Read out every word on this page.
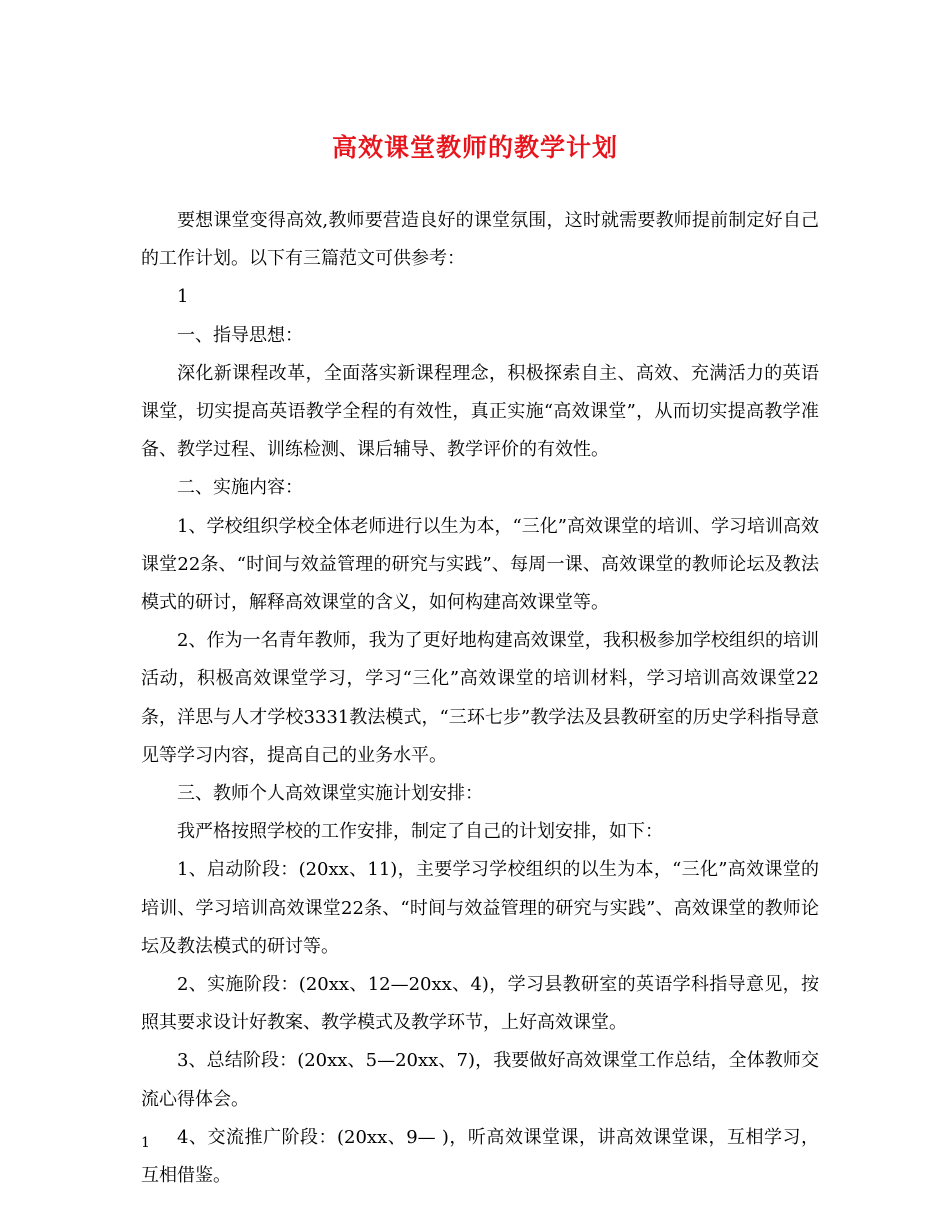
高效课堂教师的教学计划

要想课堂变得高效,教师要营造良好的课堂氛围，这时就需要教师提前制定好自己的工作计划。以下有三篇范文可供参考：

1

一、指导思想：

深化新课程改革，全面落实新课程理念，积极探索自主、高效、充满活力的英语课堂，切实提高英语教学全程的有效性，真正实施“高效课堂”，从而切实提高教学准备、教学过程、训练检测、课后辅导、教学评价的有效性。

二、实施内容：

1、学校组织学校全体老师进行以生为本，“三化”高效课堂的培训、学习培训高效课堂22条、“时间与效益管理的研究与实践”、每周一课、高效课堂的教师论坛及教法模式的研讨，解释高效课堂的含义，如何构建高效课堂等。

2、作为一名青年教师，我为了更好地构建高效课堂，我积极参加学校组织的培训活动，积极高效课堂学习，学习“三化”高效课堂的培训材料，学习培训高效课堂22条，洋思与人才学校3331教法模式，“三环七步”教学法及县教研室的历史学科指导意见等学习内容，提高自己的业务水平。

三、教师个人高效课堂实施计划安排：

我严格按照学校的工作安排，制定了自己的计划安排，如下：

1、启动阶段：(20xx、11)，主要学习学校组织的以生为本，“三化”高效课堂的培训、学习培训高效课堂22条、“时间与效益管理的研究与实践”、高效课堂的教师论坛及教法模式的研讨等。

2、实施阶段：(20xx、12—20xx、4)，学习县教研室的英语学科指导意见，按照其要求设计好教案、教学模式及教学环节，上好高效课堂。

3、总结阶段：(20xx、5—20xx、7)，我要做好高效课堂工作总结，全体教师交流心得体会。

4、交流推广阶段：(20xx、9— )，听高效课堂课，讲高效课堂课，互相学习，互相借鉴。

1
